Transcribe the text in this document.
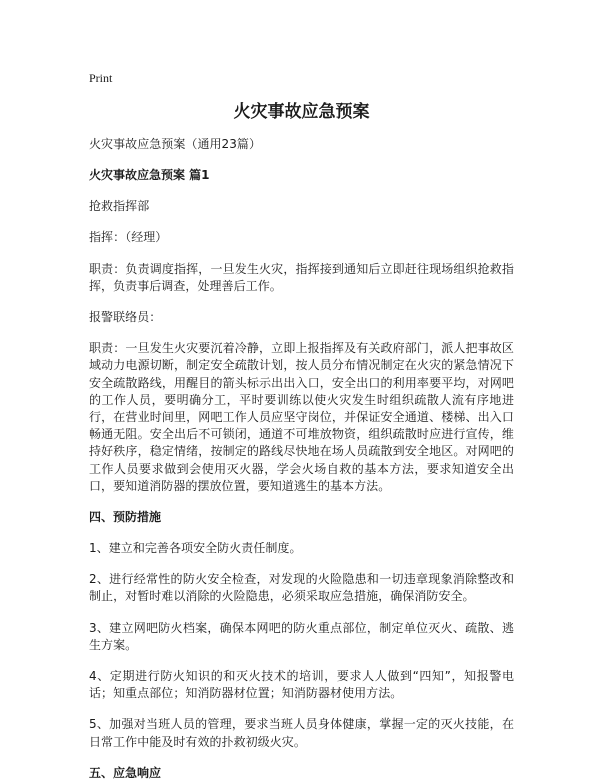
Print
火灾事故应急预案
火灾事故应急预案（通用23篇）
火灾事故应急预案 篇1
抢救指挥部
指挥：（经理）
职责：负责调度指挥，一旦发生火灾，指挥接到通知后立即赶往现场组织抢救指挥，负责事后调查，处理善后工作。
报警联络员：
职责：一旦发生火灾要沉着冷静，立即上报指挥及有关政府部门，派人把事故区域动力电源切断，制定安全疏散计划，按人员分布情况制定在火灾的紧急情况下安全疏散路线，用醒目的箭头标示出出入口，安全出口的利用率要平均，对网吧的工作人员，要明确分工，平时要训练以使火灾发生时组织疏散人流有序地进行，在营业时间里，网吧工作人员应坚守岗位，并保证安全通道、楼梯、出入口畅通无阻。安全出后不可锁闭，通道不可堆放物资，组织疏散时应进行宣传，维持好秩序，稳定情绪，按制定的路线尽快地在场人员疏散到安全地区。对网吧的工作人员要求做到会使用灭火器，学会火场自救的基本方法，要求知道安全出口，要知道消防器的摆放位置，要知道逃生的基本方法。
四、预防措施
1、建立和完善各项安全防火责任制度。
2、进行经常性的防火安全检查，对发现的火险隐患和一切违章现象消除整改和制止，对暂时难以消除的火险隐患，必须采取应急措施，确保消防安全。
3、建立网吧防火档案，确保本网吧的防火重点部位，制定单位灭火、疏散、逃生方案。
4、定期进行防火知识的和灭火技术的培训，要求人人做到“四知”，知报警电话；知重点部位；知消防器材位置；知消防器材使用方法。
5、加强对当班人员的管理，要求当班人员身体健康，掌握一定的灭火技能，在日常工作中能及时有效的扑救初级火灾。
五、应急响应
